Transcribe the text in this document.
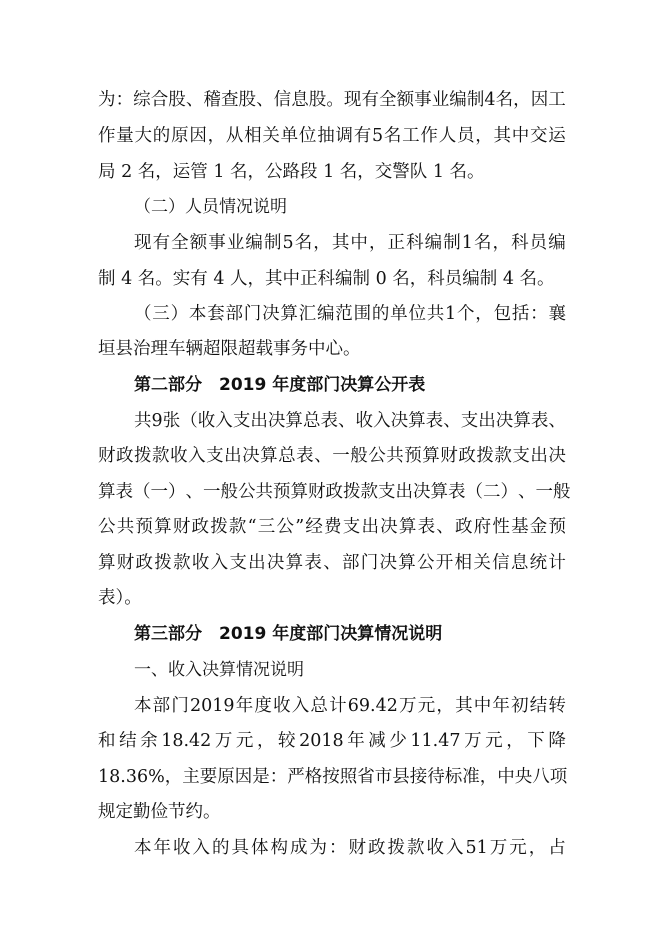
为 ： 综 合 股 、 稽 查 股 、 信 息 股 。 现 有 全 额 事 业 编 制 4 名 ， 因 工
作 量 大 的 原 因 ， 从 相 关 单 位 抽 调 有 5 名 工 作 人 员 ， 其 中 交 运
局 2 名，运管 1 名，公路段 1 名，交警队 1 名。
（二）人员情况说明
现 有 全 额 事 业 编 制 5 名 ， 其 中 ， 正 科 编 制 1 名 ， 科 员 编
制 4 名。实有 4 人，其中正科编制 0 名，科员编制 4 名。
（ 三 ） 本 套 部 门 决 算 汇 编 范 围 的 单 位 共 1 个 ， 包 括 ： 襄
垣县治理车辆超限超载事务中心。
第二部分　2019 年度部门决算公开表
共 9 张 （ 收 入 支 出 决 算 总 表 、 收 入 决 算 表 、 支 出 决 算 表 、
财 政 拨 款 收 入 支 出 决 算 总 表 、 一 般 公 共 预 算 财 政 拨 款 支 出 决
算 表 （ 一 ） 、 一 般 公 共 预 算 财 政 拨 款 支 出 决 算 表 （ 二 ） 、 一 般
公 共 预 算 财 政 拨 款 “ 三 公 ” 经 费 支 出 决 算 表 、 政 府 性 基 金 预
算 财 政 拨 款 收 入 支 出 决 算 表 、 部 门 决 算 公 开 相 关 信 息 统 计
表）。
第三部分　2019 年度部门决算情况说明
一、收入决算情况说明
本 部 门 2019 年 度 收 入 总 计 69.42 万 元 ， 其 中 年 初 结 转
和 结 余 18.42 万 元 ， 较 2018 年 减 少 11.47 万 元 ， 下 降
18.36% ， 主 要 原 因 是 ： 严 格 按 照 省 市 县 接 待 标 准 ， 中 央 八 项
规定勤俭节约。
本 年 收 入 的 具 体 构 成 为 ： 财 政 拨 款 收 入 51 万 元 ， 占
